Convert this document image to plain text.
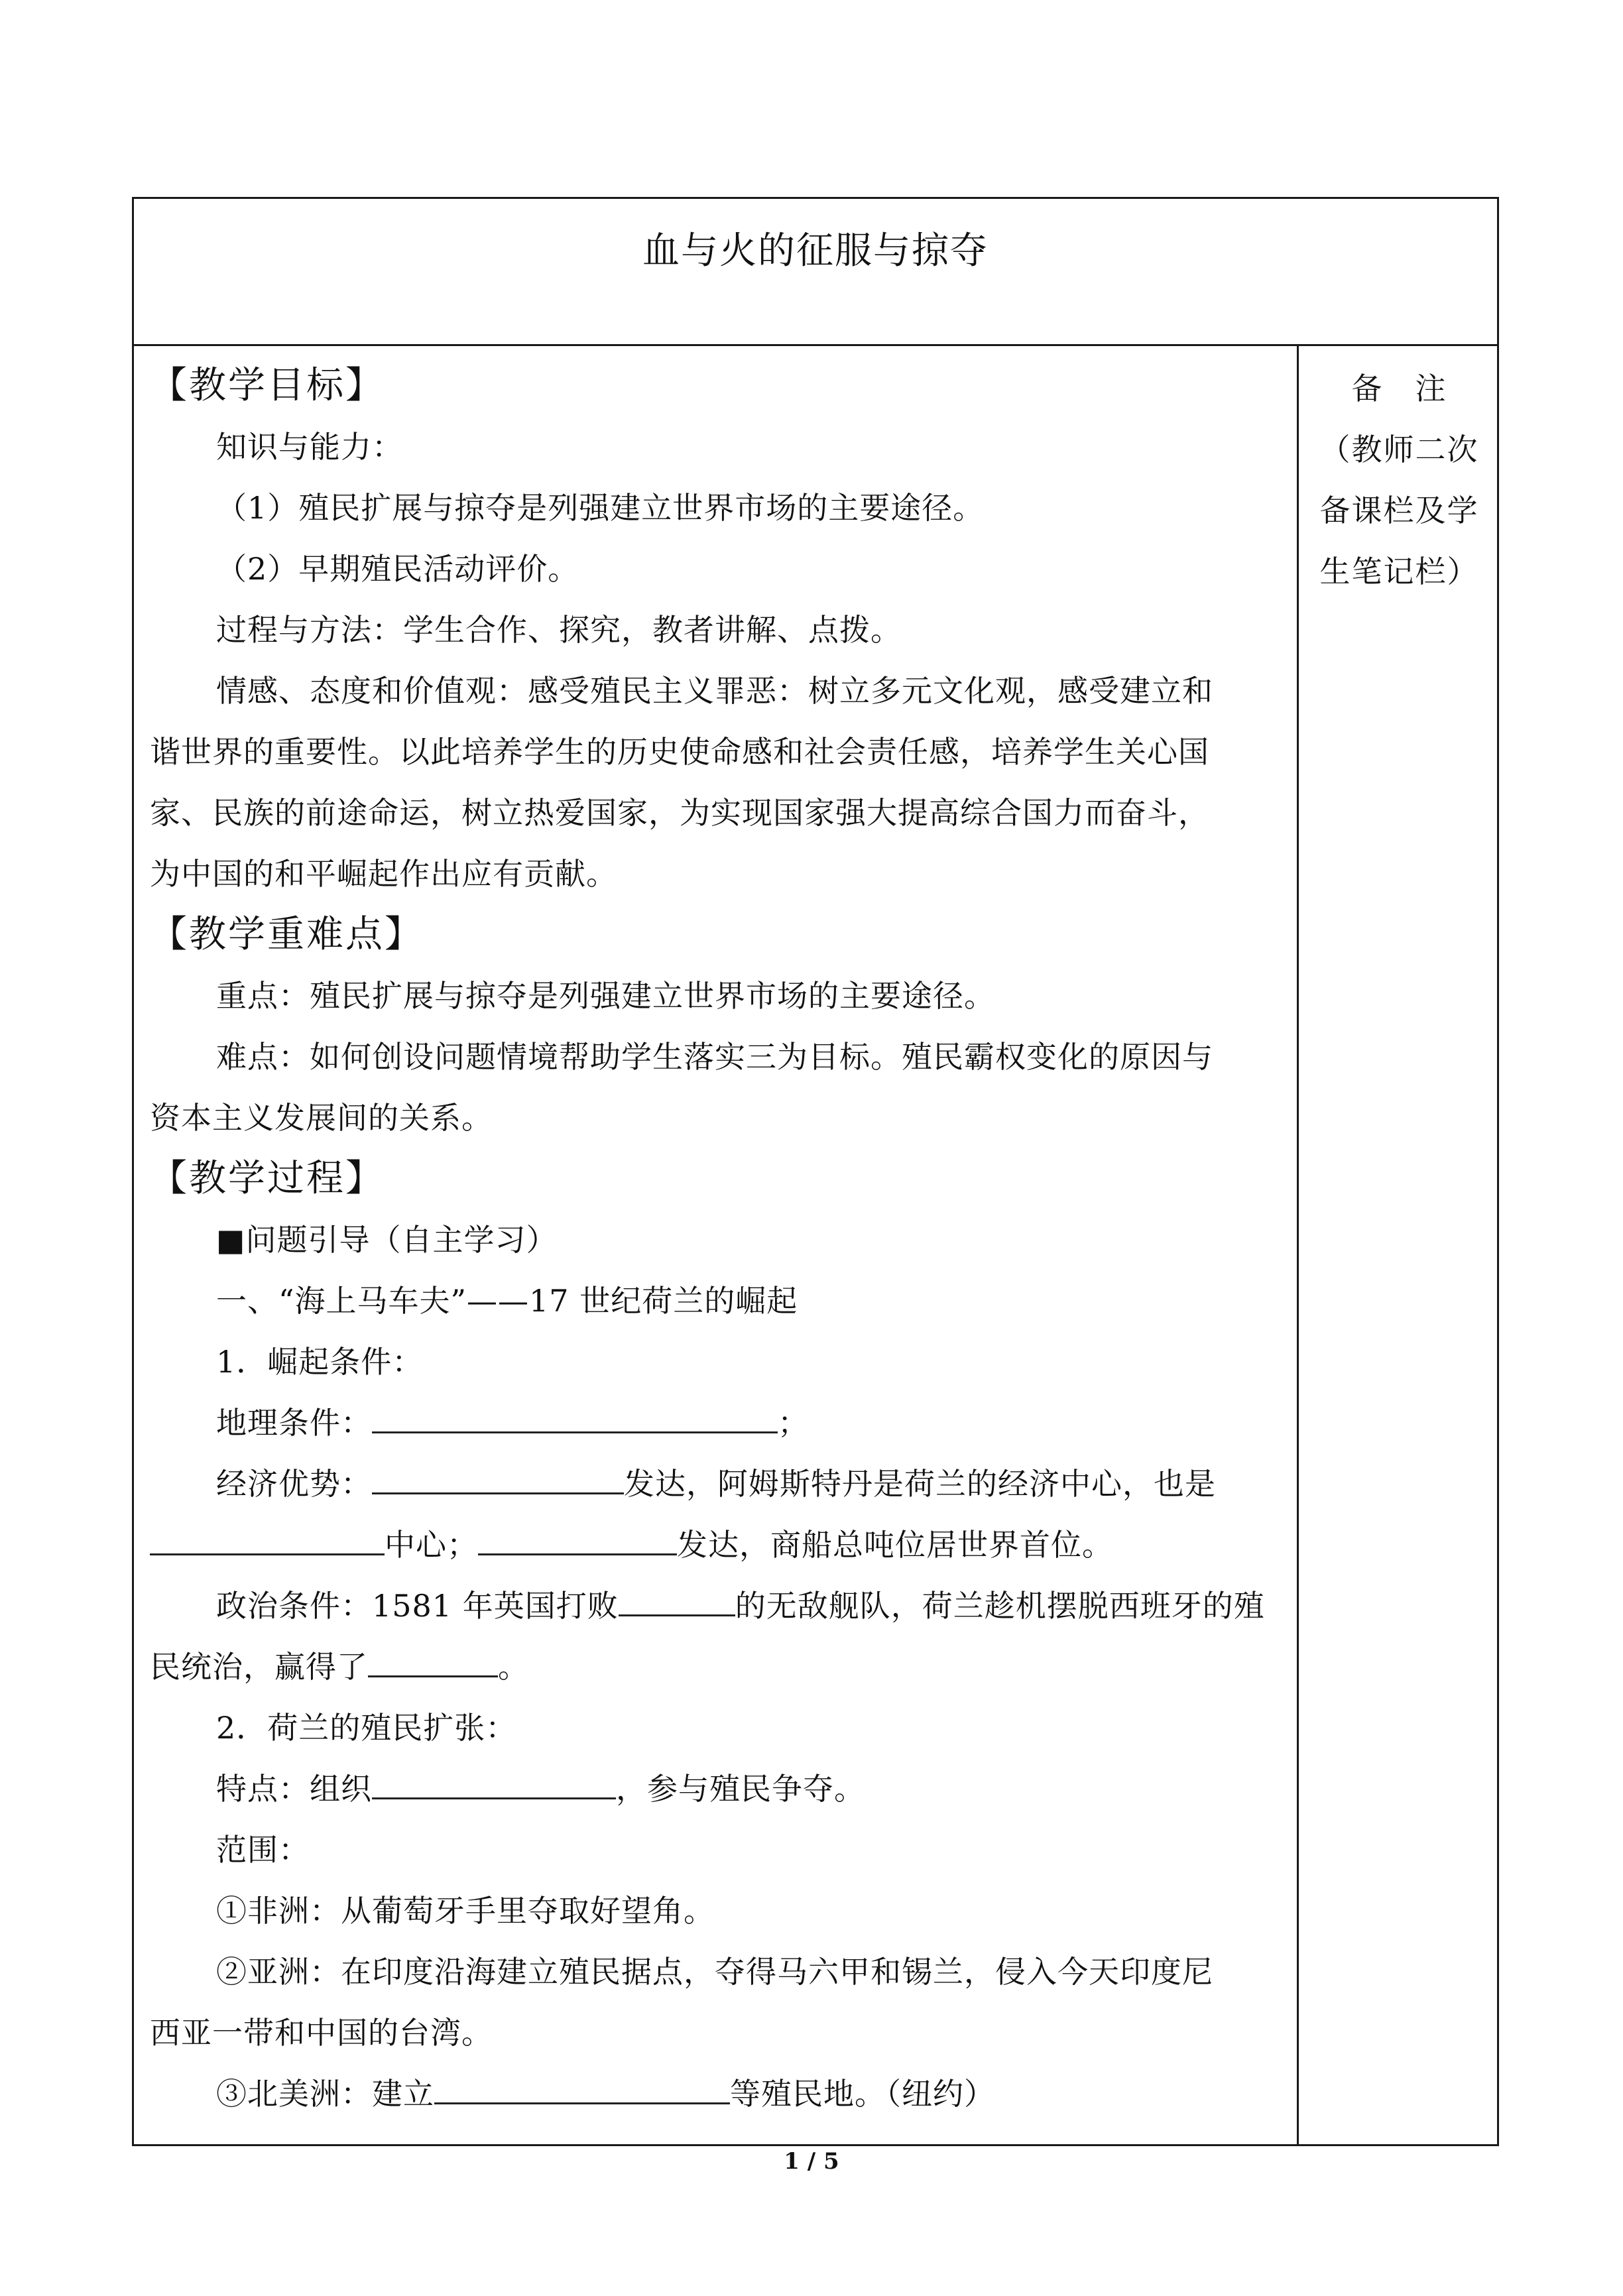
血与火的征服与掠夺
【教学目标】
知识与能力：
（1）殖民扩展与掠夺是列强建立世界市场的主要途径。
（2）早期殖民活动评价。
过程与方法：学生合作、探究，教者讲解、点拨。
情感、态度和价值观：感受殖民主义罪恶：树立多元文化观，感受建立和
谐世界的重要性。以此培养学生的历史使命感和社会责任感，培养学生关心国
家、民族的前途命运，树立热爱国家，为实现国家强大提高综合国力而奋斗，
为中国的和平崛起作出应有贡献。
【教学重难点】
重点：殖民扩展与掠夺是列强建立世界市场的主要途径。
难点：如何创设问题情境帮助学生落实三为目标。殖民霸权变化的原因与
资本主义发展间的关系。
【教学过程】
■问题引导（自主学习）
一、“海上马车夫”——17 世纪荷兰的崛起
1．崛起条件：
地理条件：	；
经济优势：	发达，阿姆斯特丹是荷兰的经济中心，也是
中心；	发达，商船总吨位居世界首位。
政治条件：1581 年英国打败	的无敌舰队，荷兰趁机摆脱西班牙的殖
民统治，赢得了	。
2．荷兰的殖民扩张：
特点：组织	，参与殖民争夺。
范围：
①非洲：从葡萄牙手里夺取好望角。
②亚洲：在印度沿海建立殖民据点，夺得马六甲和锡兰，侵入今天印度尼
西亚一带和中国的台湾。
③北美洲：建立	等殖民地。（纽约）
备　注
（教师二次
备课栏及学
生笔记栏）
1 / 5
